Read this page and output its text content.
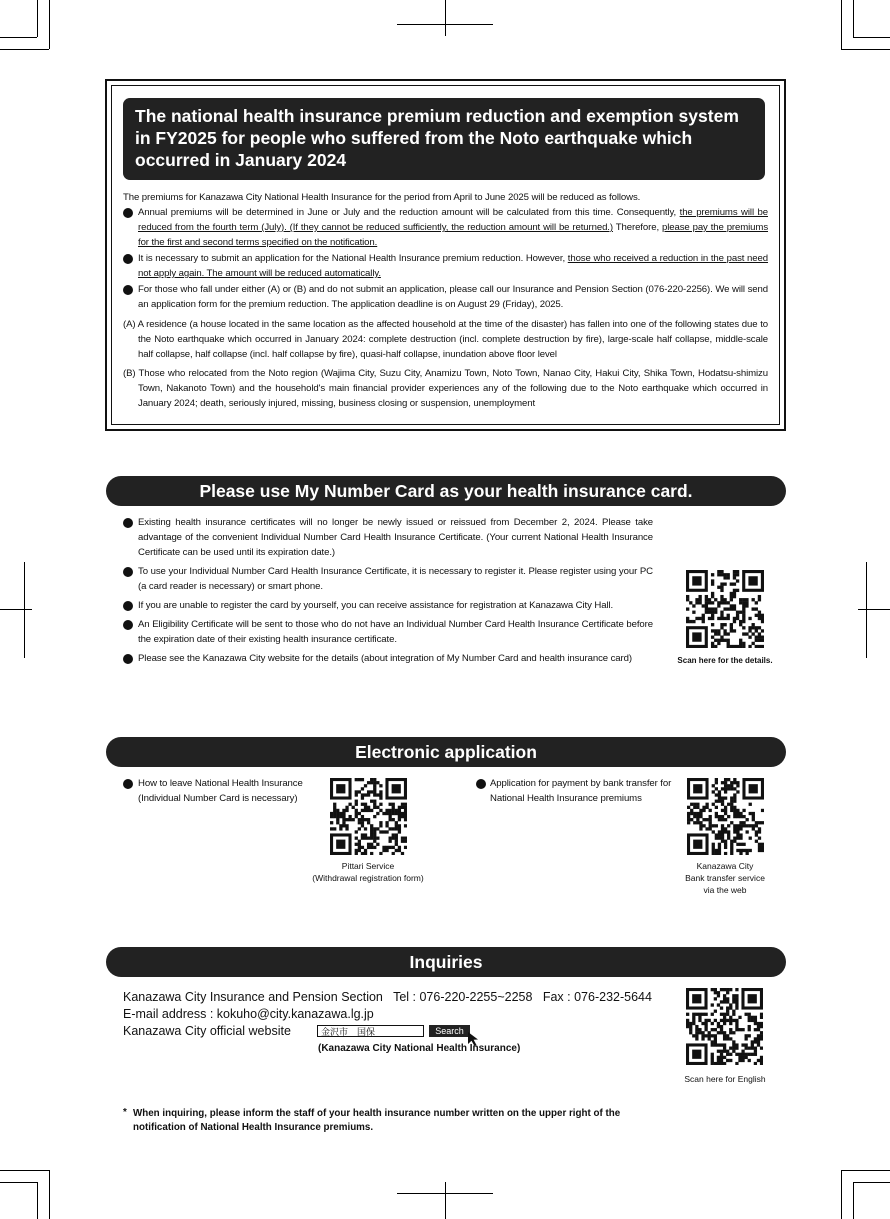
The national health insurance premium reduction and exemption system in FY2025 for people who suffered from the Noto earthquake which occurred in January 2024
The premiums for Kanazawa City National Health Insurance for the period from April to June 2025 will be reduced as follows.
Annual premiums will be determined in June or July and the reduction amount will be calculated from this time. Consequently, the premiums will be reduced from the fourth term (July). (If they cannot be reduced sufficiently, the reduction amount will be returned.) Therefore, please pay the premiums for the first and second terms specified on the notification.
It is necessary to submit an application for the National Health Insurance premium reduction. However, those who received a reduction in the past need not apply again. The amount will be reduced automatically.
For those who fall under either (A) or (B) and do not submit an application, please call our Insurance and Pension Section (076-220-2256). We will send an application form for the premium reduction. The application deadline is on August 29 (Friday), 2025.
(A) A residence (a house located in the same location as the affected household at the time of the disaster) has fallen into one of the following states due to the Noto earthquake which occurred in January 2024: complete destruction (incl. complete destruction by fire), large-scale half collapse, middle-scale half collapse, half collapse (incl. half collapse by fire), quasi-half collapse, inundation above floor level
(B) Those who relocated from the Noto region (Wajima City, Suzu City, Anamizu Town, Noto Town, Nanao City, Hakui City, Shika Town, Hodatsu-shimizu Town, Nakanoto Town) and the household's main financial provider experiences any of the following due to the Noto earthquake which occurred in January 2024; death, seriously injured, missing, business closing or suspension, unemployment
Please use My Number Card as your health insurance card.
Existing health insurance certificates will no longer be newly issued or reissued from December 2, 2024. Please take advantage of the convenient Individual Number Card Health Insurance Certificate. (Your current National Health Insurance Certificate can be used until its expiration date.)
To use your Individual Number Card Health Insurance Certificate, it is necessary to register it. Please register using your PC (a card reader is necessary) or smart phone.
If you are unable to register the card by yourself, you can receive assistance for registration at Kanazawa City Hall.
An Eligibility Certificate will be sent to those who do not have an Individual Number Card Health Insurance Certificate before the expiration date of their existing health insurance certificate.
Please see the Kanazawa City website for the details (about integration of My Number Card and health insurance card)	Scan here for the details.
Electronic application
How to leave National Health Insurance (Individual Number Card is necessary)
Pittari Service
(Withdrawal registration form)
Application for payment by bank transfer for National Health Insurance premiums
Kanazawa City
Bank transfer service
via the web
Inquiries
Kanazawa City Insurance and Pension Section   Tel : 076-220-2255~2258   Fax : 076-232-5644
E-mail address : kokuho@city.kanazawa.lg.jp
Kanazawa City official website	金沢市　国保	Search
(Kanazawa City National Health Insurance)
Scan here for English
* When inquiring, please inform the staff of your health insurance number written on the upper right of the notification of National Health Insurance premiums.
